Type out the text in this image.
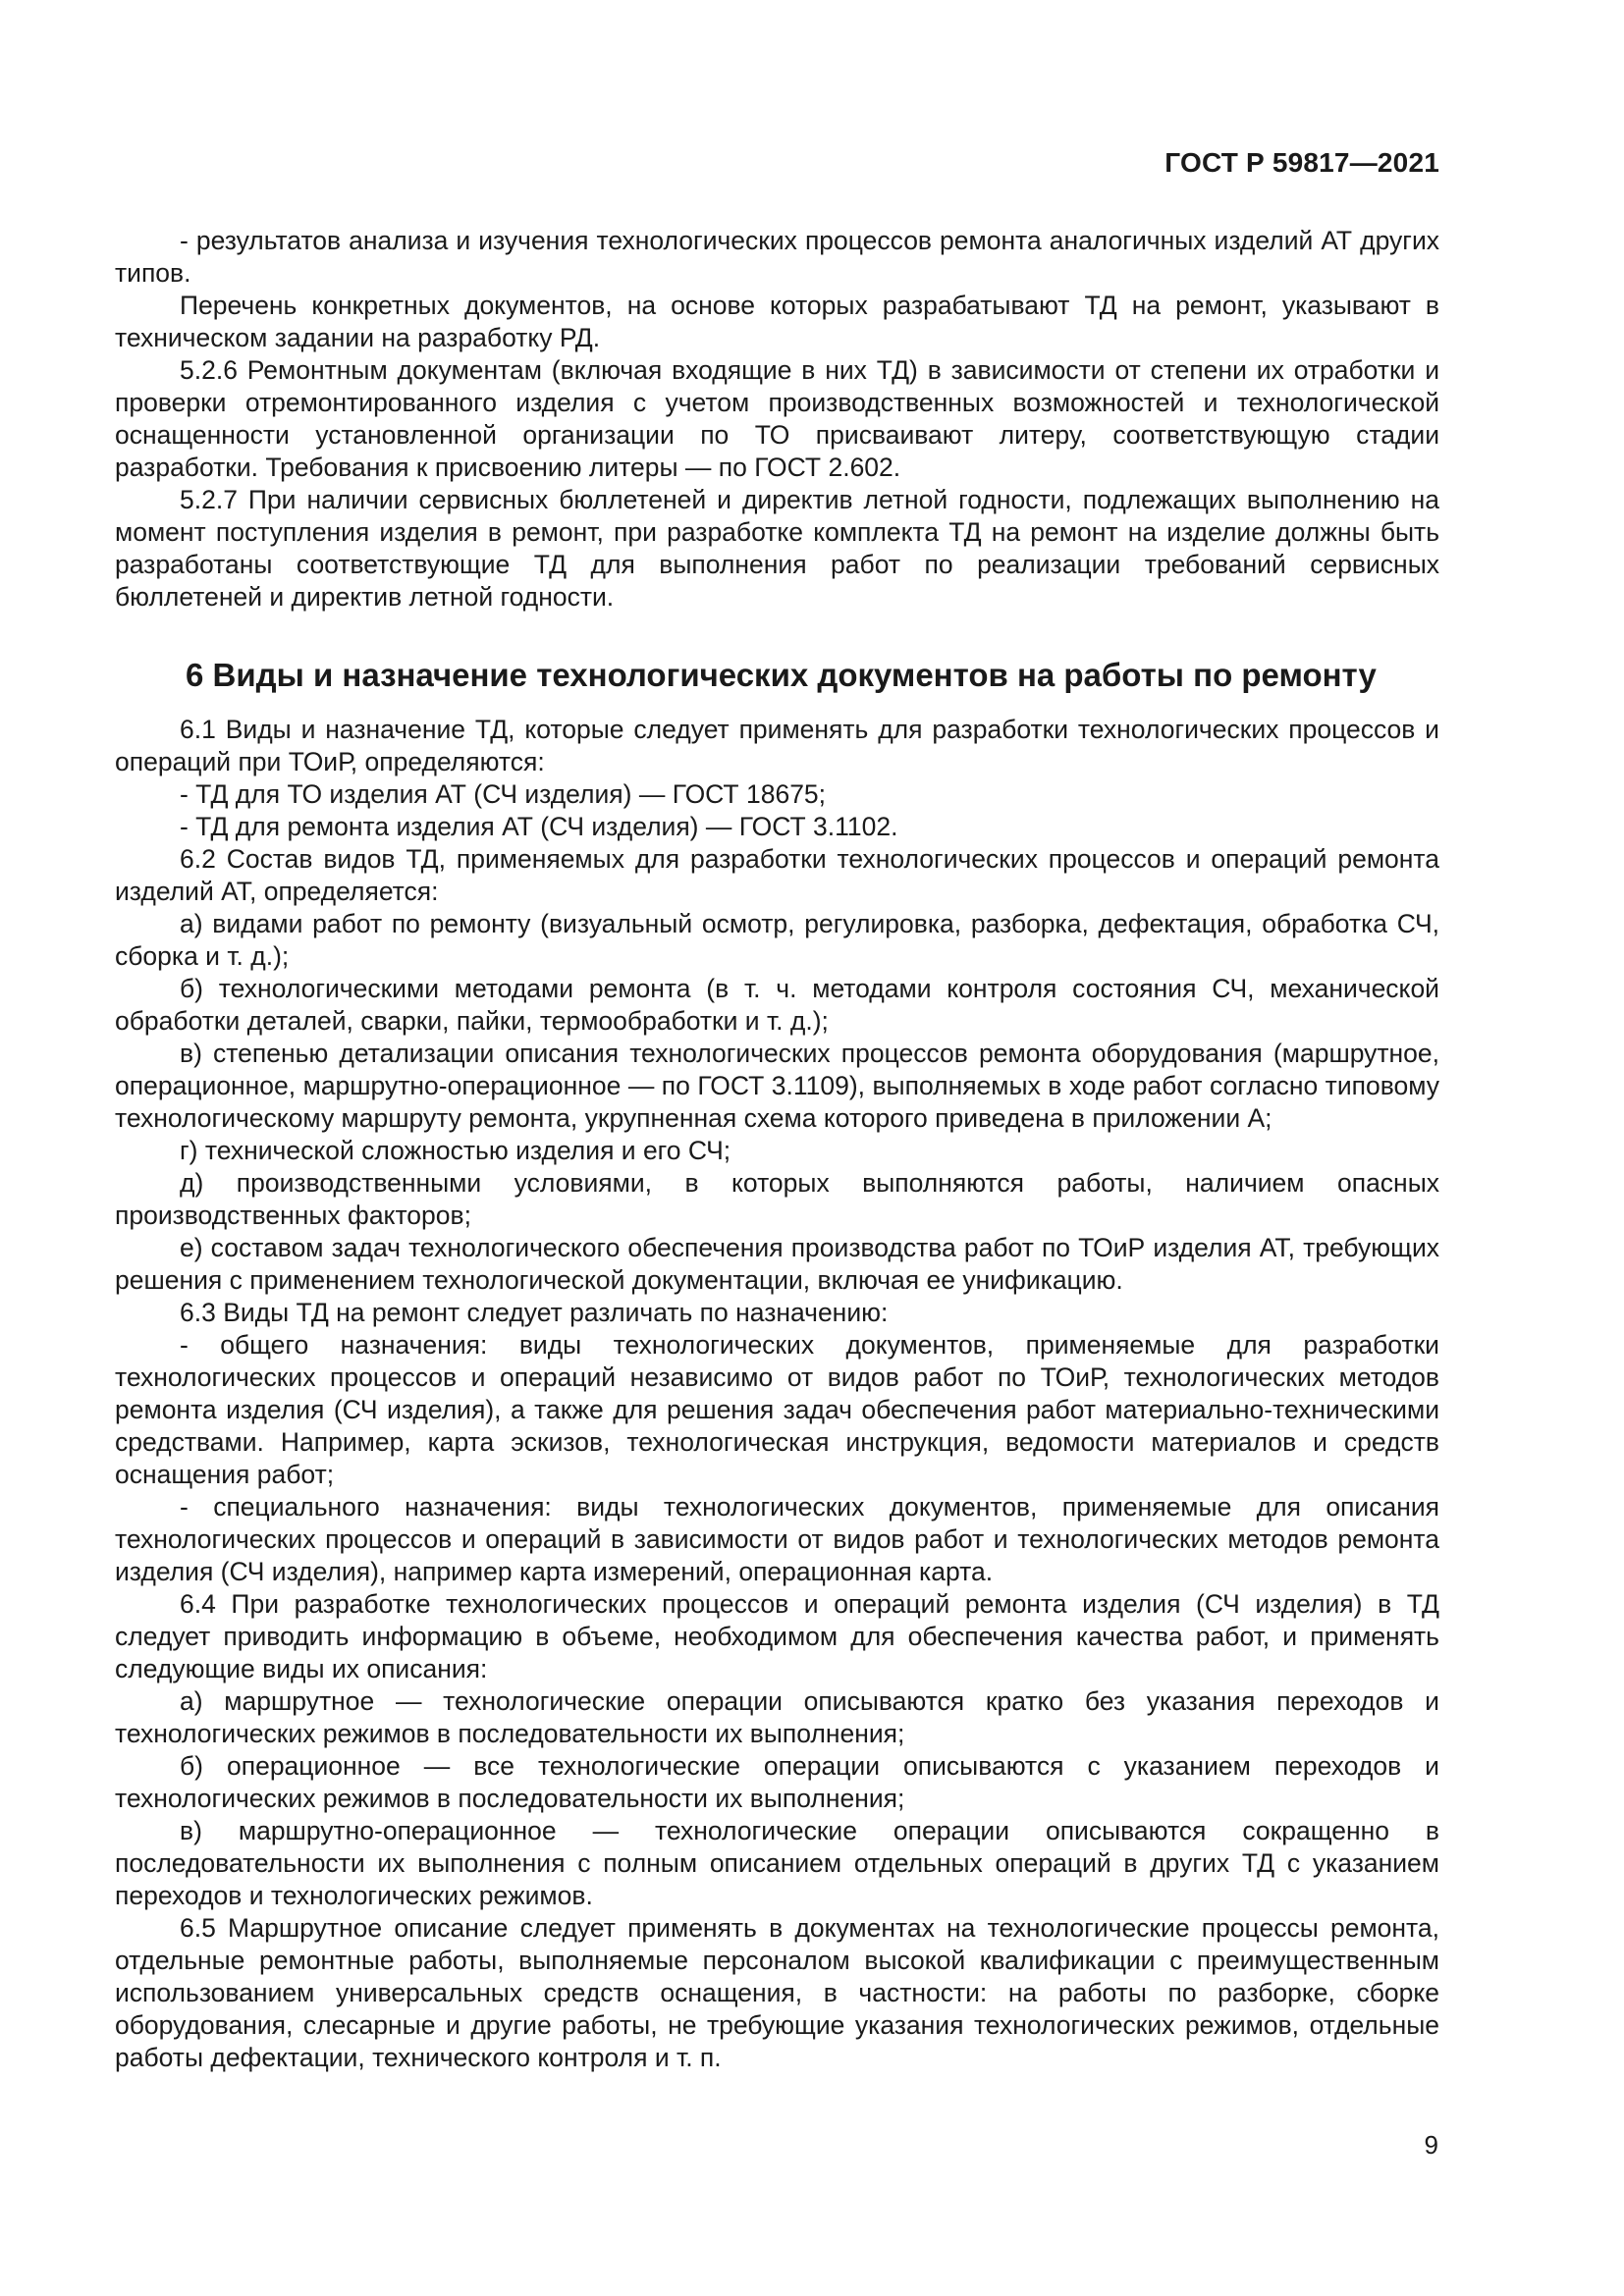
ГОСТ Р 59817—2021

- результатов анализа и изучения технологических процессов ремонта аналогичных изделий АТ других типов.

Перечень конкретных документов, на основе которых разрабатывают ТД на ремонт, указывают в техническом задании на разработку РД.

5.2.6 Ремонтным документам (включая входящие в них ТД) в зависимости от степени их отработки и проверки отремонтированного изделия с учетом производственных возможностей и технологической оснащенности установленной организации по ТО присваивают литеру, соответствующую стадии разработки. Требования к присвоению литеры — по ГОСТ 2.602.

5.2.7 При наличии сервисных бюллетеней и директив летной годности, подлежащих выполнению на момент поступления изделия в ремонт, при разработке комплекта ТД на ремонт на изделие должны быть разработаны соответствующие ТД для выполнения работ по реализации требований сервисных бюллетеней и директив летной годности.

6 Виды и назначение технологических документов на работы по ремонту

6.1 Виды и назначение ТД, которые следует применять для разработки технологических процессов и операций при ТОиР, определяются:

- ТД для ТО изделия АТ (СЧ изделия) — ГОСТ 18675;

- ТД для ремонта изделия АТ (СЧ изделия) — ГОСТ 3.1102.

6.2 Состав видов ТД, применяемых для разработки технологических процессов и операций ремонта изделий АТ, определяется:

а) видами работ по ремонту (визуальный осмотр, регулировка, разборка, дефектация, обработка СЧ, сборка и т. д.);

б) технологическими методами ремонта (в т. ч. методами контроля состояния СЧ, механической обработки деталей, сварки, пайки, термообработки и т. д.);

в) степенью детализации описания технологических процессов ремонта оборудования (маршрутное, операционное, маршрутно-операционное — по ГОСТ 3.1109), выполняемых в ходе работ согласно типовому технологическому маршруту ремонта, укрупненная схема которого приведена в приложении А;

г) технической сложностью изделия и его СЧ;

д) производственными условиями, в которых выполняются работы, наличием опасных производственных факторов;

е) составом задач технологического обеспечения производства работ по ТОиР изделия АТ, требующих решения с применением технологической документации, включая ее унификацию.

6.3 Виды ТД на ремонт следует различать по назначению:

- общего назначения: виды технологических документов, применяемые для разработки технологических процессов и операций независимо от видов работ по ТОиР, технологических методов ремонта изделия (СЧ изделия), а также для решения задач обеспечения работ материально-техническими средствами. Например, карта эскизов, технологическая инструкция, ведомости материалов и средств оснащения работ;

- специального назначения: виды технологических документов, применяемые для описания технологических процессов и операций в зависимости от видов работ и технологических методов ремонта изделия (СЧ изделия), например карта измерений, операционная карта.

6.4 При разработке технологических процессов и операций ремонта изделия (СЧ изделия) в ТД следует приводить информацию в объеме, необходимом для обеспечения качества работ, и применять следующие виды их описания:

а) маршрутное — технологические операции описываются кратко без указания переходов и технологических режимов в последовательности их выполнения;

б) операционное — все технологические операции описываются с указанием переходов и технологических режимов в последовательности их выполнения;

в) маршрутно-операционное — технологические операции описываются сокращенно в последовательности их выполнения с полным описанием отдельных операций в других ТД с указанием переходов и технологических режимов.

6.5 Маршрутное описание следует применять в документах на технологические процессы ремонта, отдельные ремонтные работы, выполняемые персоналом высокой квалификации с преимущественным использованием универсальных средств оснащения, в частности: на работы по разборке, сборке оборудования, слесарные и другие работы, не требующие указания технологических режимов, отдельные работы дефектации, технического контроля и т. п.

9
